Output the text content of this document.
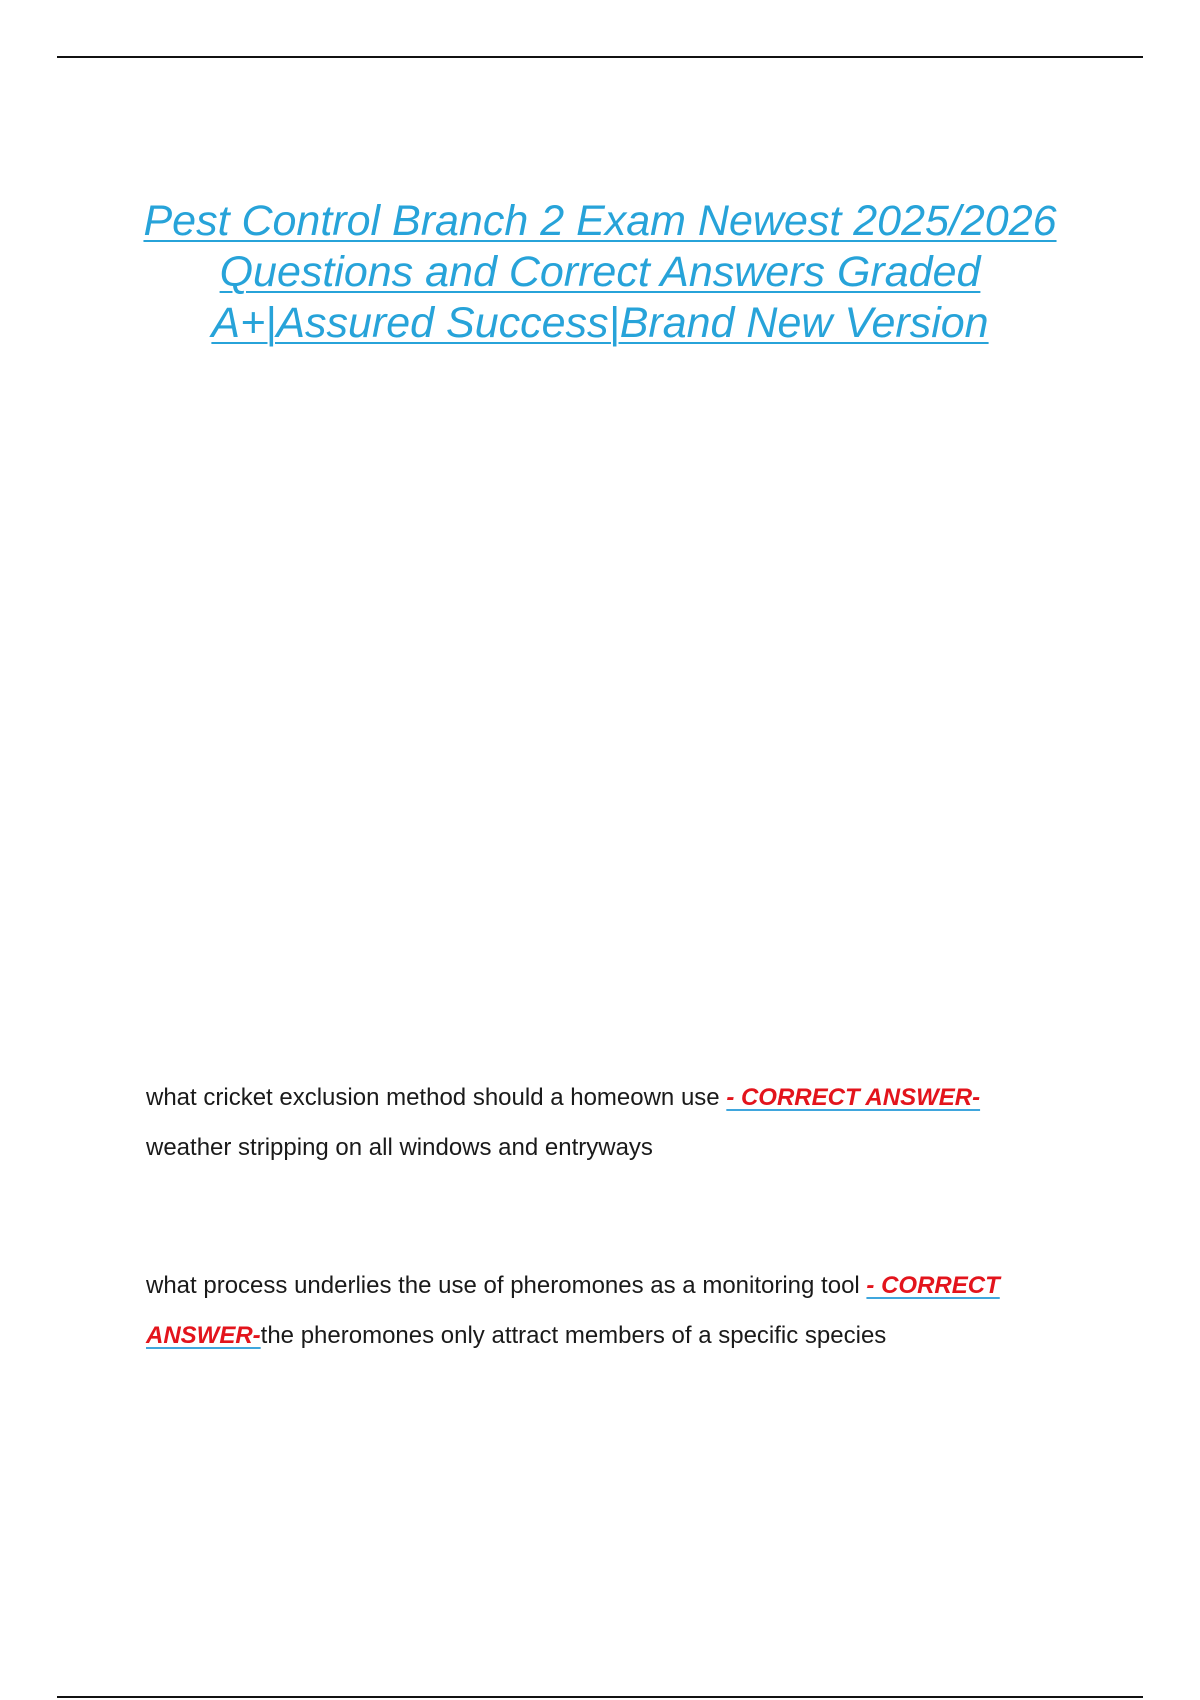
Pest Control Branch 2 Exam Newest 2025/2026 Questions and Correct Answers Graded A+|Assured Success|Brand New Version

what cricket exclusion method should a homeown use - CORRECT ANSWER-
weather stripping on all windows and entryways

what process underlies the use of pheromones as a monitoring tool - CORRECT ANSWER-the pheromones only attract members of a specific species
